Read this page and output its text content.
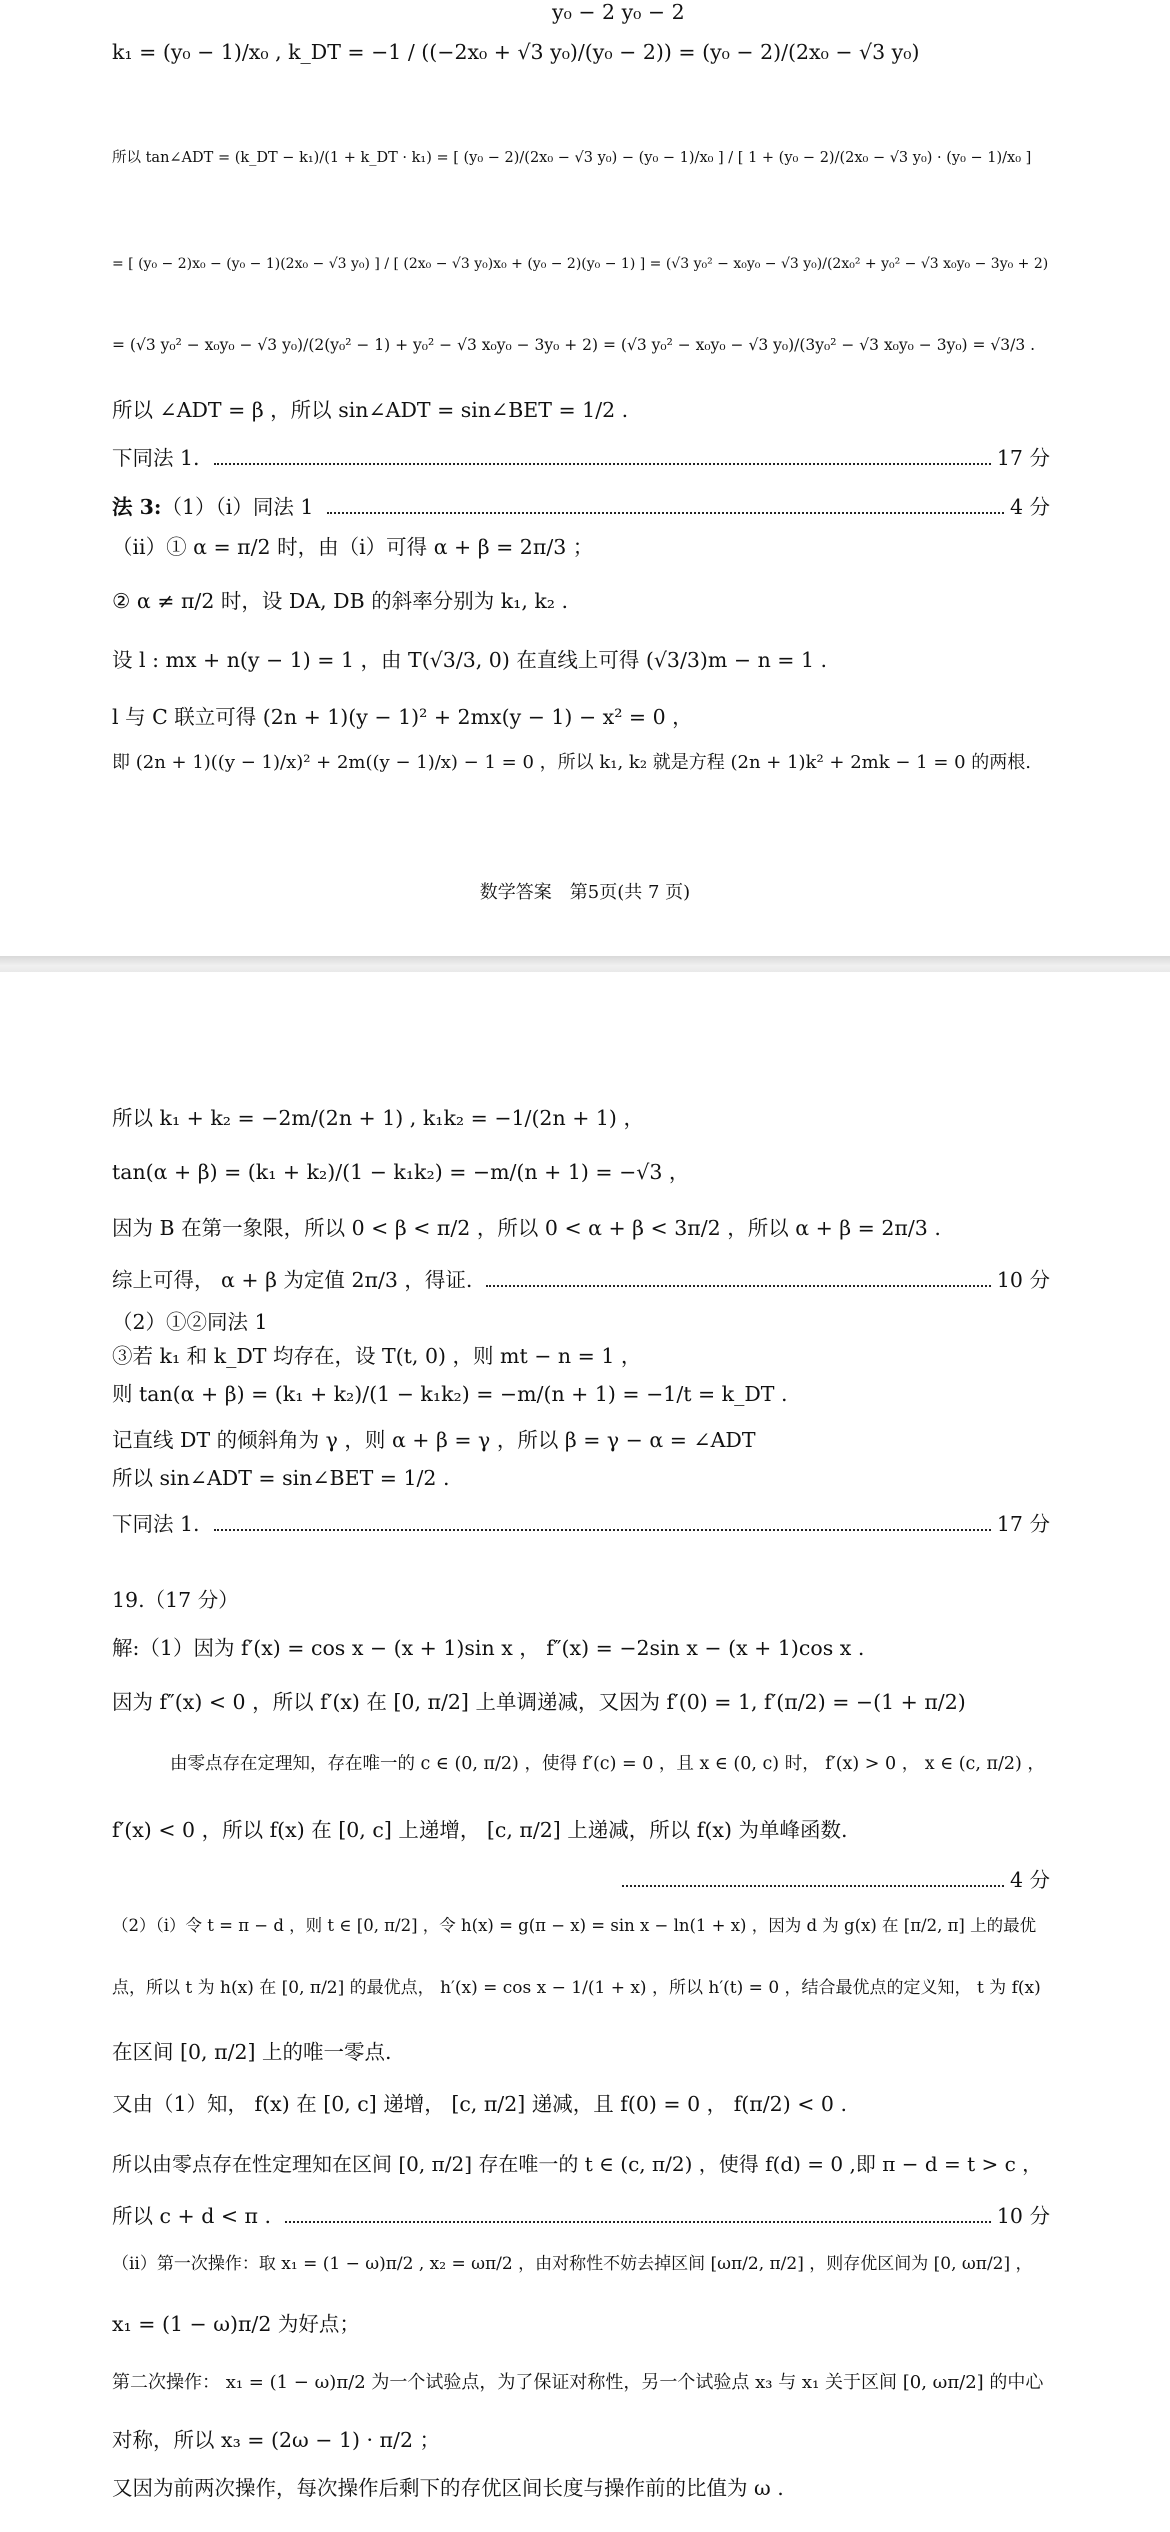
y₀ − 2 y₀ − 2
k₁ = (y₀ − 1)/x₀ , k_DT = −1 / ((−2x₀ + √3 y₀)/(y₀ − 2)) = (y₀ − 2)/(2x₀ − √3 y₀)
所以 tan∠ADT = (k_DT − k₁)/(1 + k_DT · k₁) = [ (y₀ − 2)/(2x₀ − √3 y₀) − (y₀ − 1)/x₀ ] / [ 1 + (y₀ − 2)/(2x₀ − √3 y₀) · (y₀ − 1)/x₀ ]
= [ (y₀ − 2)x₀ − (y₀ − 1)(2x₀ − √3 y₀) ] / [ (2x₀ − √3 y₀)x₀ + (y₀ − 2)(y₀ − 1) ] = (√3 y₀² − x₀y₀ − √3 y₀)/(2x₀² + y₀² − √3 x₀y₀ − 3y₀ + 2)
= (√3 y₀² − x₀y₀ − √3 y₀)/(2(y₀² − 1) + y₀² − √3 x₀y₀ − 3y₀ + 2) = (√3 y₀² − x₀y₀ − √3 y₀)/(3y₀² − √3 x₀y₀ − 3y₀) = √3/3 .
所以 ∠ADT = β ，所以 sin∠ADT = sin∠BET = 1/2 .
下同法 1.	17 分
法 3:（1）（i）同法 1	4 分
（ii）① α = π/2 时，由（i）可得 α + β = 2π/3 ；
② α ≠ π/2 时，设 DA, DB 的斜率分别为 k₁, k₂ .
设 l : mx + n(y − 1) = 1 ，由 T(√3/3, 0) 在直线上可得 (√3/3)m − n = 1 .
l 与 C 联立可得 (2n + 1)(y − 1)² + 2mx(y − 1) − x² = 0 ，
即 (2n + 1)((y − 1)/x)² + 2m((y − 1)/x) − 1 = 0 ，所以 k₁, k₂ 就是方程 (2n + 1)k² + 2mk − 1 = 0 的两根.
数学答案　第5页(共 7 页)
所以 k₁ + k₂ = −2m/(2n + 1) , k₁k₂ = −1/(2n + 1) ，
tan(α + β) = (k₁ + k₂)/(1 − k₁k₂) = −m/(n + 1) = −√3 ，
因为 B 在第一象限，所以 0 < β < π/2 ，所以 0 < α + β < 3π/2 ，所以 α + β = 2π/3 .
综上可得， α + β 为定值 2π/3 ，得证.	10 分
（2）①②同法 1
③若 k₁ 和 k_DT 均存在，设 T(t, 0) ，则 mt − n = 1 ，
则 tan(α + β) = (k₁ + k₂)/(1 − k₁k₂) = −m/(n + 1) = −1/t = k_DT .
记直线 DT 的倾斜角为 γ ，则 α + β = γ ，所以 β = γ − α = ∠ADT
所以 sin∠ADT = sin∠BET = 1/2 .
下同法 1.	17 分
19.（17 分）
解:（1）因为 f′(x) = cos x − (x + 1)sin x ， f″(x) = −2sin x − (x + 1)cos x .
因为 f″(x) < 0 ，所以 f′(x) 在 [0, π/2] 上单调递减，又因为 f′(0) = 1, f′(π/2) = −(1 + π/2)
由零点存在定理知，存在唯一的 c ∈ (0, π/2) ，使得 f′(c) = 0 ，且 x ∈ (0, c) 时， f′(x) > 0 ， x ∈ (c, π/2) ，
f′(x) < 0 ，所以 f(x) 在 [0, c] 上递增， [c, π/2] 上递减，所以 f(x) 为单峰函数.
4 分
（2）（i）令 t = π − d ，则 t ∈ [0, π/2] ，令 h(x) = g(π − x) = sin x − ln(1 + x) ，因为 d 为 g(x) 在 [π/2, π] 上的最优
点，所以 t 为 h(x) 在 [0, π/2] 的最优点， h′(x) = cos x − 1/(1 + x) ，所以 h′(t) = 0 ，结合最优点的定义知， t 为 f(x)
在区间 [0, π/2] 上的唯一零点.
又由（1）知， f(x) 在 [0, c] 递增， [c, π/2] 递减，且 f(0) = 0 ， f(π/2) < 0 .
所以由零点存在性定理知在区间 [0, π/2] 存在唯一的 t ∈ (c, π/2) ，使得 f(d) = 0 ,即 π − d = t > c ，
所以 c + d < π .	10 分
（ii）第一次操作：取 x₁ = (1 − ω)π/2 , x₂ = ωπ/2 ，由对称性不妨去掉区间 [ωπ/2, π/2] ，则存优区间为 [0, ωπ/2] ，
x₁ = (1 − ω)π/2 为好点；
第二次操作： x₁ = (1 − ω)π/2 为一个试验点，为了保证对称性，另一个试验点 x₃ 与 x₁ 关于区间 [0, ωπ/2] 的中心
对称，所以 x₃ = (2ω − 1) · π/2 ；
又因为前两次操作，每次操作后剩下的存优区间长度与操作前的比值为 ω .
